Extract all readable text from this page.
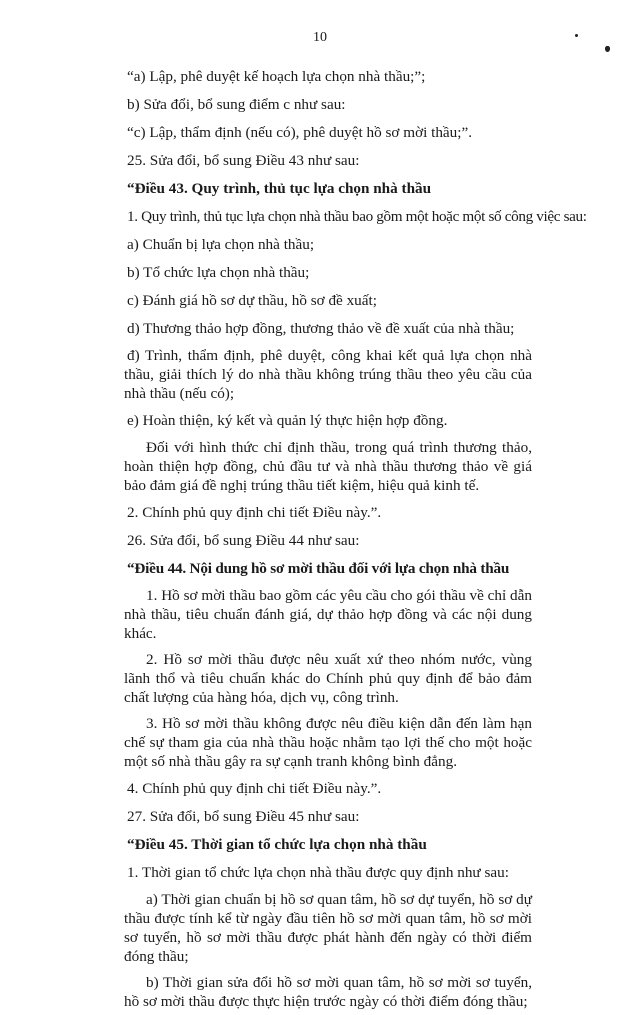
10

“a) Lập, phê duyệt kế hoạch lựa chọn nhà thầu;”;

b) Sửa đổi, bổ sung điểm c như sau:

“c) Lập, thẩm định (nếu có), phê duyệt hồ sơ mời thầu;”.

25. Sửa đổi, bổ sung Điều 43 như sau:

“Điều 43. Quy trình, thủ tục lựa chọn nhà thầu

1. Quy trình, thủ tục lựa chọn nhà thầu bao gồm một hoặc một số công việc sau:

a) Chuẩn bị lựa chọn nhà thầu;

b) Tổ chức lựa chọn nhà thầu;

c) Đánh giá hồ sơ dự thầu, hồ sơ đề xuất;

d) Thương thảo hợp đồng, thương thảo về đề xuất của nhà thầu;

đ) Trình, thẩm định, phê duyệt, công khai kết quả lựa chọn nhà thầu, giải thích lý do nhà thầu không trúng thầu theo yêu cầu của nhà thầu (nếu có);

e) Hoàn thiện, ký kết và quản lý thực hiện hợp đồng.

Đối với hình thức chỉ định thầu, trong quá trình thương thảo, hoàn thiện hợp đồng, chủ đầu tư và nhà thầu thương thảo về giá bảo đảm giá đề nghị trúng thầu tiết kiệm, hiệu quả kinh tế.

2. Chính phủ quy định chi tiết Điều này.”.

26. Sửa đổi, bổ sung Điều 44 như sau:

“Điều 44. Nội dung hồ sơ mời thầu đối với lựa chọn nhà thầu

1. Hồ sơ mời thầu bao gồm các yêu cầu cho gói thầu về chỉ dẫn nhà thầu, tiêu chuẩn đánh giá, dự thảo hợp đồng và các nội dung khác.

2. Hồ sơ mời thầu được nêu xuất xứ theo nhóm nước, vùng lãnh thổ và tiêu chuẩn khác do Chính phủ quy định để bảo đảm chất lượng của hàng hóa, dịch vụ, công trình.

3. Hồ sơ mời thầu không được nêu điều kiện dẫn đến làm hạn chế sự tham gia của nhà thầu hoặc nhằm tạo lợi thế cho một hoặc một số nhà thầu gây ra sự cạnh tranh không bình đẳng.

4. Chính phủ quy định chi tiết Điều này.”.

27. Sửa đổi, bổ sung Điều 45 như sau:

“Điều 45. Thời gian tổ chức lựa chọn nhà thầu

1. Thời gian tổ chức lựa chọn nhà thầu được quy định như sau:

a) Thời gian chuẩn bị hồ sơ quan tâm, hồ sơ dự tuyển, hồ sơ dự thầu được tính kể từ ngày đầu tiên hồ sơ mời quan tâm, hồ sơ mời sơ tuyển, hồ sơ mời thầu được phát hành đến ngày có thời điểm đóng thầu;

b) Thời gian sửa đổi hồ sơ mời quan tâm, hồ sơ mời sơ tuyển, hồ sơ mời thầu được thực hiện trước ngày có thời điểm đóng thầu;
